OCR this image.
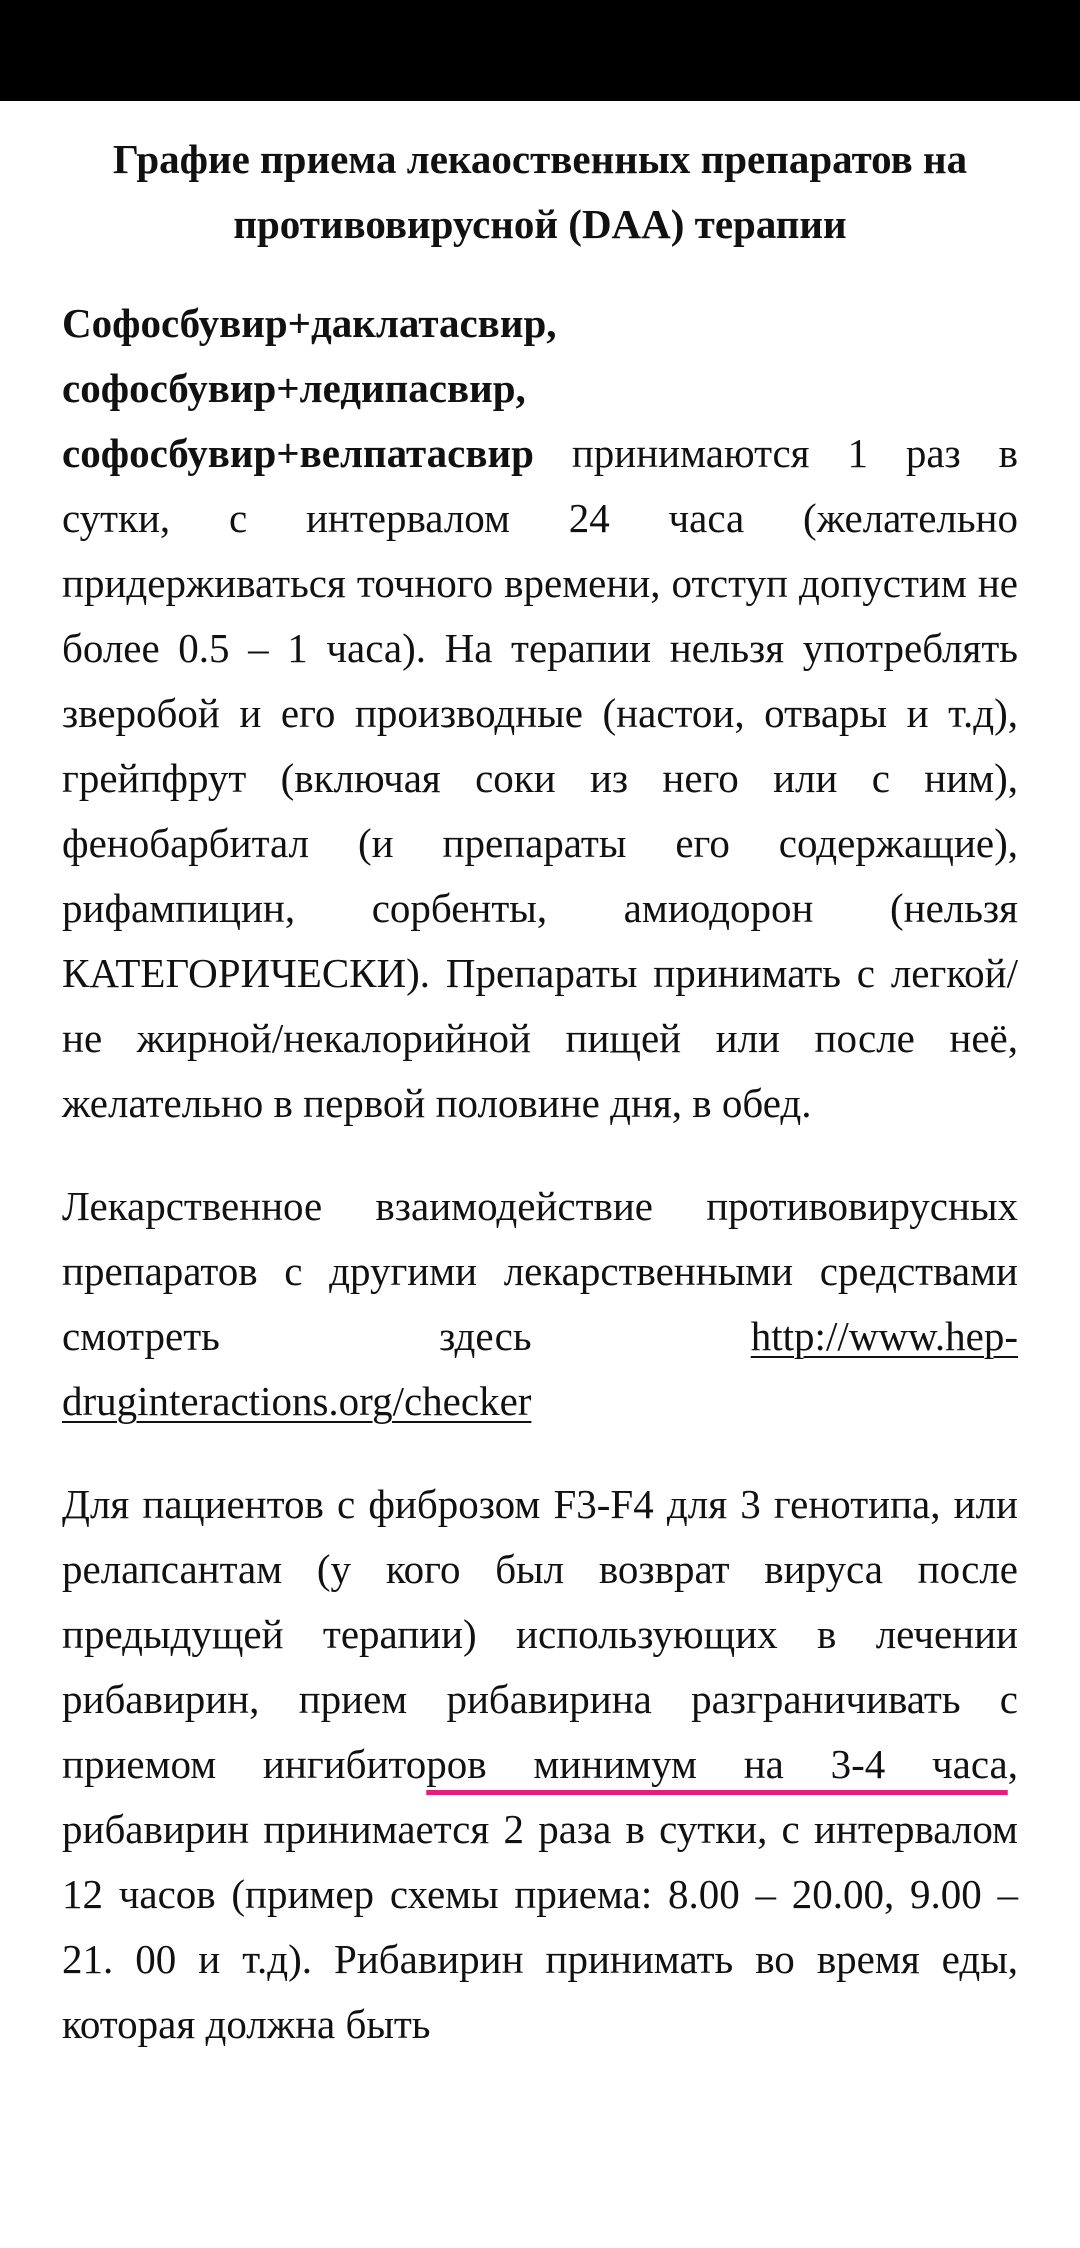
Графие приема лекаоственных препаратов на
противовирусной (DAA) терапии

Софосбувир+даклатасвир,
софосбувир+ледипасвир,
софосбувир+велпатасвир принимаются 1 раз в сутки, с интервалом 24 часа (желательно придерживаться точного времени, отступ допустим не более 0.5 – 1 часа). На терапии нельзя употреблять зверобой и его производные (настои, отвары и т.д), грейпфрут (включая соки из него или с ним), фенобарбитал (и препараты его содержащие), рифампицин, сорбенты, амиодорон (нельзя КАТЕГОРИЧЕСКИ). Препараты принимать с легкой/не жирной/некалорийной пищей или после неё, желательно в первой половине дня, в обед.

Лекарственное взаимодействие противовирусных препаратов с другими лекарственными средствами смотреть здесь http://www.hep-druginteractions.org/checker

Для пациентов с фиброзом F3-F4 для 3 генотипа, или релапсантам (у кого был возврат вируса после предыдущей терапии) использующих в лечении рибавирин, прием рибавирина разграничивать с приемом ингибиторов минимум на 3-4 часа, рибавирин принимается 2 раза в сутки, с интервалом 12 часов (пример схемы приема: 8.00 – 20.00, 9.00 – 21. 00 и т.д). Рибавирин принимать во время еды, которая должна быть
